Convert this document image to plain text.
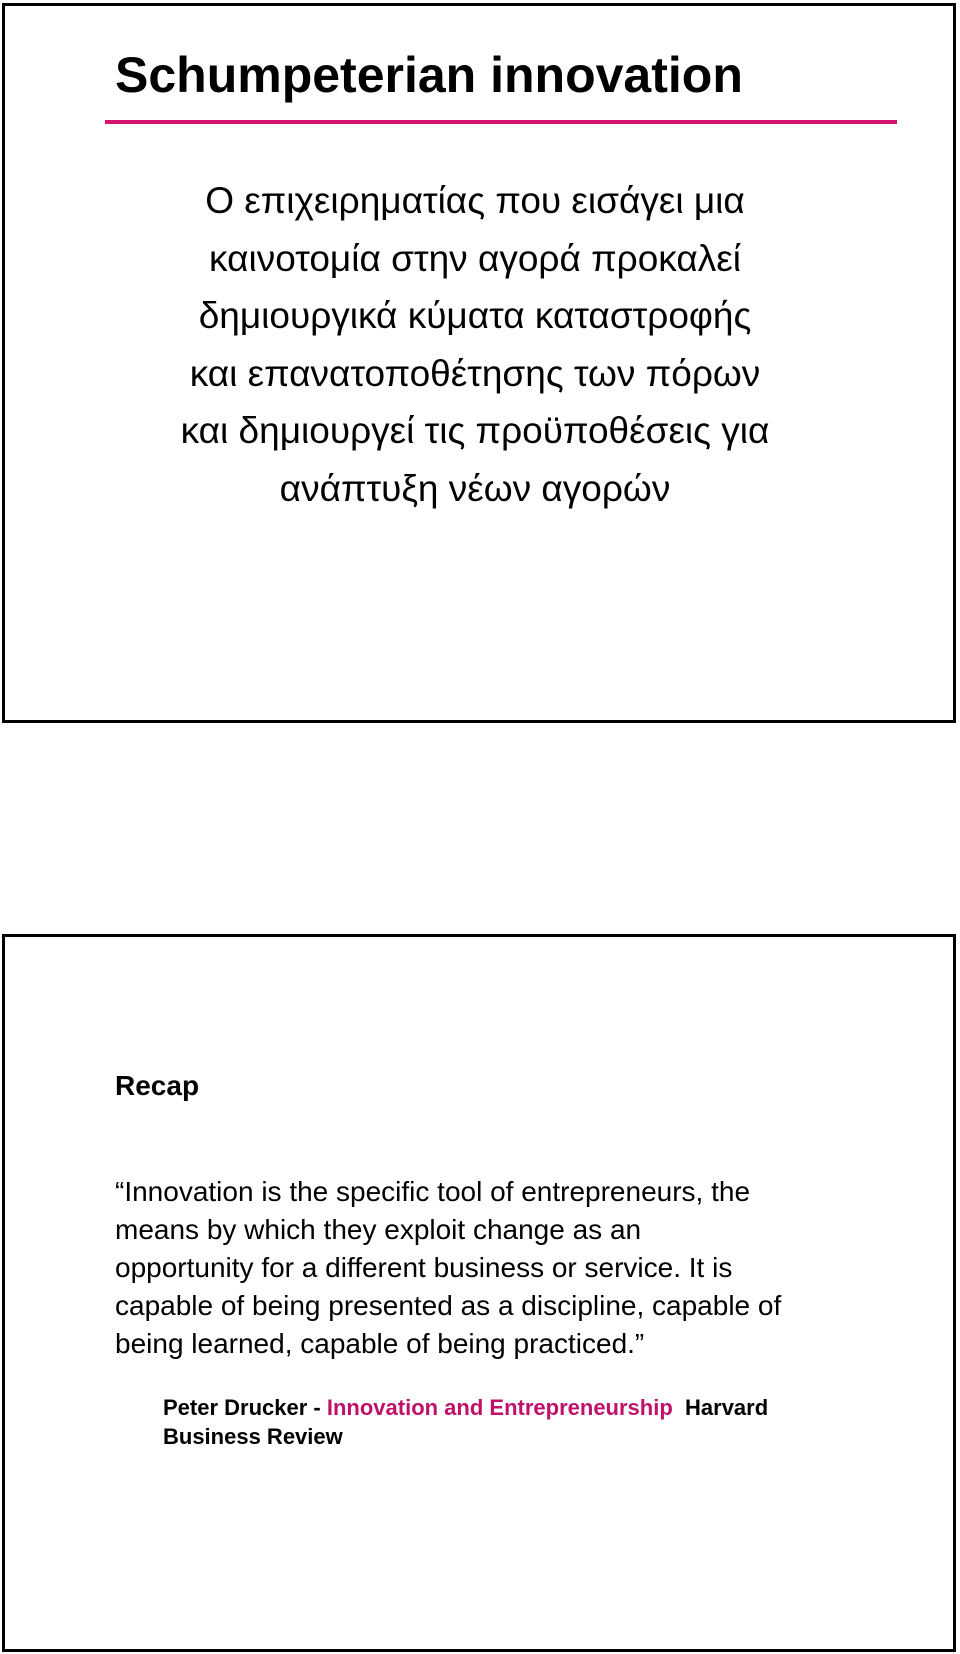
Schumpeterian innovation
Ο επιχειρηματίας που εισάγει μια
καινοτομία στην αγορά προκαλεί
δημιουργικά κύματα καταστροφής
και επανατοποθέτησης των πόρων
και δημιουργεί τις προϋποθέσεις για
ανάπτυξη νέων αγορών
Recap
“Innovation is the specific tool of entrepreneurs, the
means by which they exploit change as an
opportunity for a different business or service. It is
capable of being presented as a discipline, capable of
being learned, capable of being practiced.”
Peter Drucker - Innovation and Entrepreneurship  Harvard
Business Review
